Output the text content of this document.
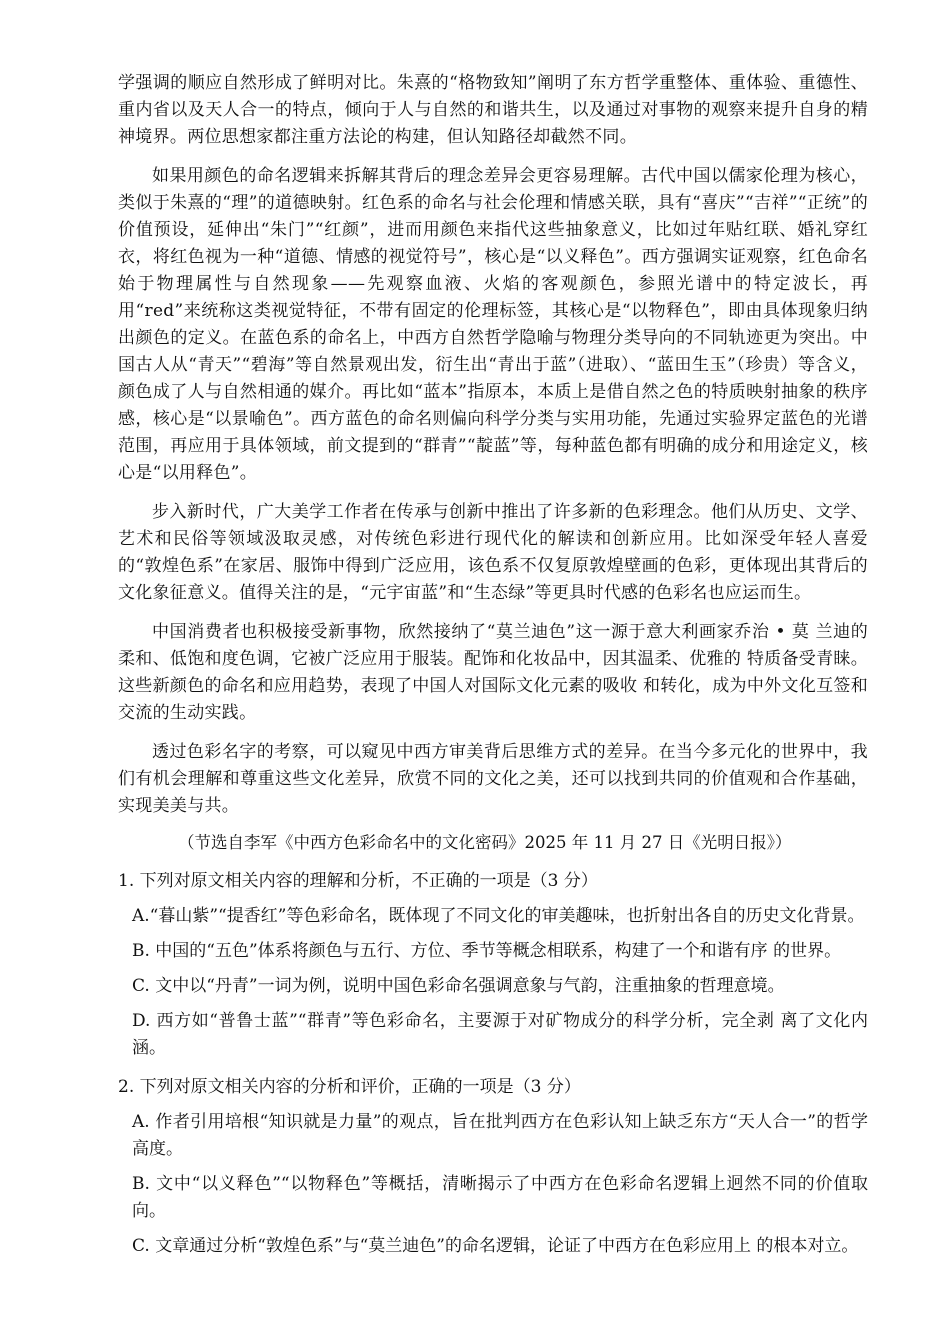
学强调的顺应自然形成了鲜明对比。朱熹的“格物致知”阐明了东方哲学重整体、重体验、重德性、重内省以及天人合一的特点，倾向于人与自然的和谐共生，以及通过对事物的观察来提升自身的精神境界。两位思想家都注重方法论的构建，但认知路径却截然不同。

如果用颜色的命名逻辑来拆解其背后的理念差异会更容易理解。古代中国以儒家伦理为核心，类似于朱熹的“理”的道德映射。红色系的命名与社会伦理和情感关联，具有“喜庆”“吉祥”“正统”的价值预设，延伸出“朱门”“红颜”，进而用颜色来指代这些抽象意义，比如过年贴红联、婚礼穿红衣，将红色视为一种“道德、情感的视觉符号”，核心是“以义释色”。西方强调实证观察，红色命名始于物理属性与自然现象——先观察血液、火焰的客观颜色，参照光谱中的特定波长，再用“red”来统称这类视觉特征，不带有固定的伦理标签，其核心是“以物释色”，即由具体现象归纳出颜色的定义。在蓝色系的命名上，中西方自然哲学隐喻与物理分类导向的不同轨迹更为突出。中国古人从“青天”“碧海”等自然景观出发，衍生出“青出于蓝”（进取）、“蓝田生玉”（珍贵）等含义，颜色成了人与自然相通的媒介。再比如“蓝本”指原本，本质上是借自然之色的特质映射抽象的秩序感，核心是“以景喻色”。西方蓝色的命名则偏向科学分类与实用功能，先通过实验界定蓝色的光谱范围，再应用于具体领域，前文提到的“群青”“靛蓝”等，每种蓝色都有明确的成分和用途定义，核心是“以用释色”。

步入新时代，广大美学工作者在传承与创新中推出了许多新的色彩理念。他们从历史、文学、艺术和民俗等领域汲取灵感，对传统色彩进行现代化的解读和创新应用。比如深受年轻人喜爱的“敦煌色系”在家居、服饰中得到广泛应用，该色系不仅复原敦煌壁画的色彩，更体现出其背后的文化象征意义。值得关注的是，“元宇宙蓝”和“生态绿”等更具时代感的色彩名也应运而生。

中国消费者也积极接受新事物，欣然接纳了“莫兰迪色”这一源于意大利画家乔治 • 莫 兰迪的柔和、低饱和度色调，它被广泛应用于服装。配饰和化妆品中，因其温柔、优雅的 特质备受青睐。这些新颜色的命名和应用趋势，表现了中国人对国际文化元素的吸收 和转化，成为中外文化互签和交流的生动实践。

透过色彩名字的考察，可以窥见中西方审美背后思维方式的差异。在当今多元化的世界中，我们有机会理解和尊重这些文化差异，欣赏不同的文化之美，还可以找到共同的价值观和合作基础，实现美美与共。

（节选自李军《中西方色彩命名中的文化密码》2025 年 11 月 27 日《光明日报》）

1. 下列对原文相关内容的理解和分析，不正确的一项是（3 分）

A.“暮山紫”“提香红”等色彩命名，既体现了不同文化的审美趣味，也折射出各自的历史文化背景。
B. 中国的“五色”体系将颜色与五行、方位、季节等概念相联系，构建了一个和谐有序 的世界。
C. 文中以“丹青”一词为例，说明中国色彩命名强调意象与气韵，注重抽象的哲理意境。
D. 西方如“普鲁士蓝”“群青”等色彩命名，主要源于对矿物成分的科学分析，完全剥 离了文化内涵。

2. 下列对原文相关内容的分析和评价，正确的一项是（3 分）

A. 作者引用培根“知识就是力量”的观点，旨在批判西方在色彩认知上缺乏东方“天人合一”的哲学高度。
B. 文中“以义释色”“以物释色”等概括，清晰揭示了中西方在色彩命名逻辑上迥然不同的价值取向。
C. 文章通过分析“敦煌色系”与“莫兰迪色”的命名逻辑，论证了中西方在色彩应用上 的根本对立。
